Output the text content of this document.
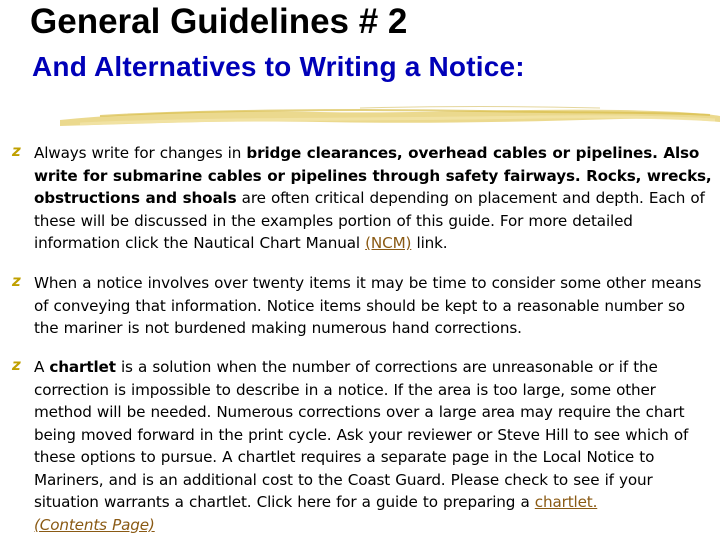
General Guidelines # 2
And Alternatives to Writing a Notice:
z Always write for changes in bridge clearances, overhead cables or pipelines. Also write for submarine cables or pipelines through safety fairways. Rocks, wrecks, obstructions and shoals are often critical depending on placement and depth. Each of these will be discussed in the examples portion of this guide. For more detailed information click the Nautical Chart Manual (NCM) link.
z When a notice involves over twenty items it may be time to consider some other means of conveying that information. Notice items should be kept to a reasonable number so the mariner is not burdened making numerous hand corrections.
z A chartlet is a solution when the number of corrections are unreasonable or if the correction is impossible to describe in a notice. If the area is too large, some other method will be needed. Numerous corrections over a large area may require the chart being moved forward in the print cycle. Ask your reviewer or Steve Hill to see which of these options to pursue. A chartlet requires a separate page in the Local Notice to Mariners, and is an additional cost to the Coast Guard. Please check to see if your situation warrants a chartlet. Click here for a guide to preparing a chartlet.
(Contents Page)
